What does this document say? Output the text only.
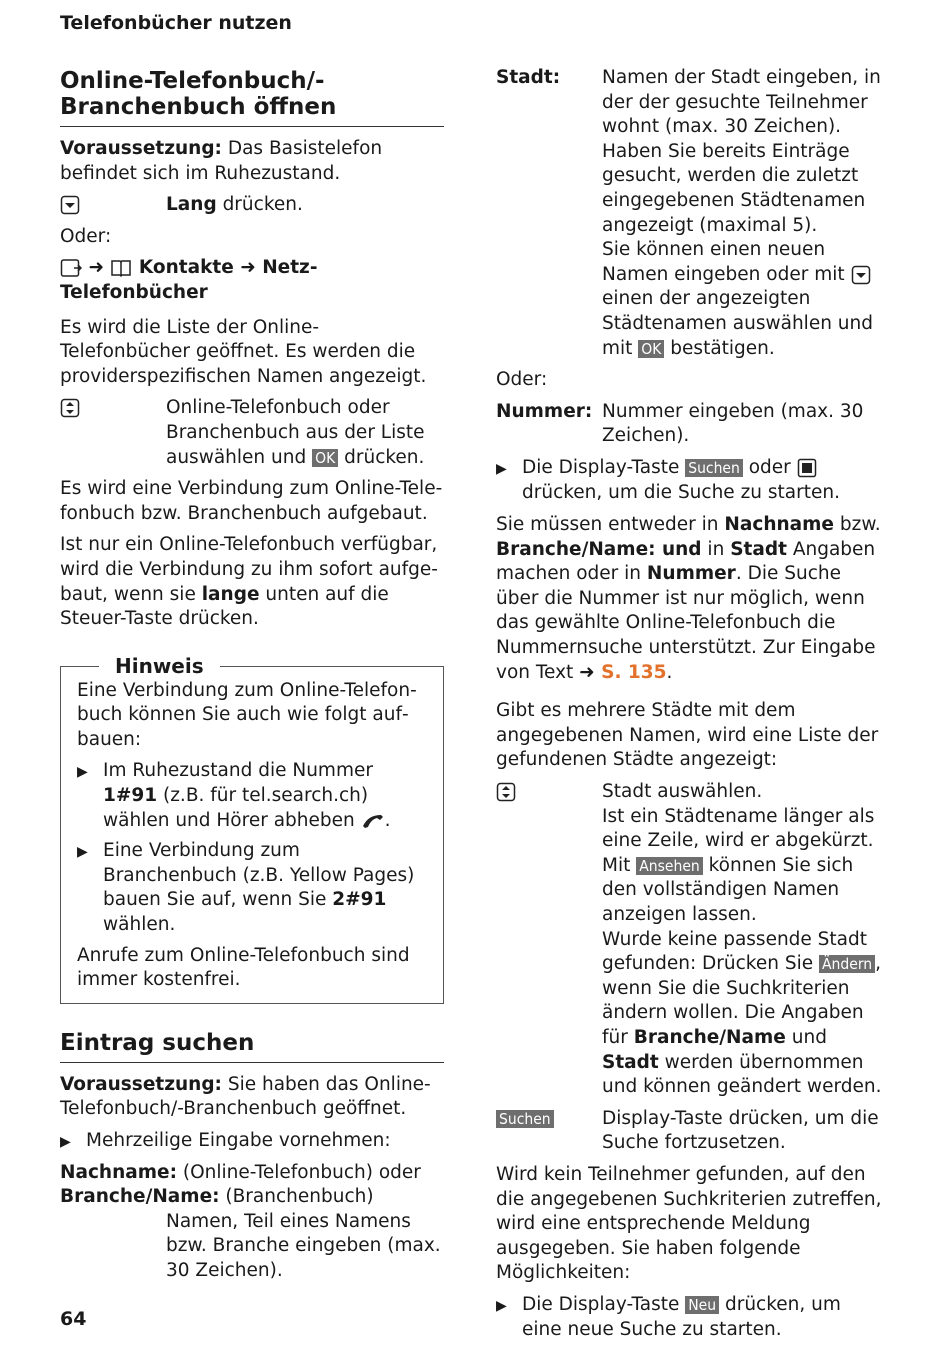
Telefonbücher nutzen
Online-Telefonbuch/-
Branchenbuch öffnen

Voraussetzung: Das Basistelefon befindet sich im Ruhezustand.

Lang drücken.

Oder:

➜  Kontakte ➜ Netz-Telefonbücher

Es wird die Liste der Online-Telefonbücher geöffnet. Es werden die providerspezifischen Namen angezeigt.

Online-Telefonbuch oder Branchenbuch aus der Liste auswählen und OK drücken.

Es wird eine Verbindung zum Online-Telefonbuch bzw. Branchenbuch aufgebaut.

Ist nur ein Online-Telefonbuch verfügbar, wird die Verbindung zu ihm sofort aufgebaut, wenn sie lange unten auf die Steuer-Taste drücken.

Hinweis

Eine Verbindung zum Online-Telefonbuch können Sie auch wie folgt aufbauen:

▶ Im Ruhezustand die Nummer 1#91 (z.B. für tel.search.ch) wählen und Hörer abheben .
▶ Eine Verbindung zum Branchenbuch (z.B. Yellow Pages) bauen Sie auf, wenn Sie 2#91 wählen.

Anrufe zum Online-Telefonbuch sind immer kostenfrei.

Eintrag suchen

Voraussetzung: Sie haben das Online-Telefonbuch/-Branchenbuch geöffnet.

▶ Mehrzeilige Eingabe vornehmen:

Nachname: (Online-Telefonbuch) oder

Branche/Name: (Branchenbuch)

Namen, Teil eines Namens bzw. Branche eingeben (max. 30 Zeichen).
Stadt:	Namen der Stadt eingeben, in der der gesuchte Teilnehmer wohnt (max. 30 Zeichen).
Haben Sie bereits Einträge gesucht, werden die zuletzt eingegebenen Städtenamen angezeigt (maximal 5).
Sie können einen neuen Namen eingeben oder mit  einen der angezeigten Städtenamen auswählen und mit OK bestätigen.

Oder:

Nummer: Nummer eingeben (max. 30 Zeichen).
▶ Die Display-Taste Suchen oder  drücken, um die Suche zu starten.

Sie müssen entweder in Nachname bzw. Branche/Name: und in Stadt Angaben machen oder in Nummer. Die Suche über die Nummer ist nur möglich, wenn das gewählte Online-Telefonbuch die Nummernsuche unterstützt. Zur Eingabe von Text ➜ S. 135.

Gibt es mehrere Städte mit dem angegebenen Namen, wird eine Liste der gefundenen Städte angezeigt:

Stadt auswählen.
Ist ein Städtename länger als eine Zeile, wird er abgekürzt. Mit Ansehen können Sie sich den vollständigen Namen anzeigen lassen.
Wurde keine passende Stadt gefunden: Drücken Sie Ändern , wenn Sie die Suchkriterien ändern wollen. Die Angaben für Branche/Name und Stadt werden übernommen und können geändert werden.
Suchen	Display-Taste drücken, um die Suche fortzusetzen.

Wird kein Teilnehmer gefunden, auf den die angegebenen Suchkriterien zutreffen, wird eine entsprechende Meldung ausgegeben. Sie haben folgende Möglichkeiten:

▶ Die Display-Taste Neu drücken, um eine neue Suche zu starten.
64
